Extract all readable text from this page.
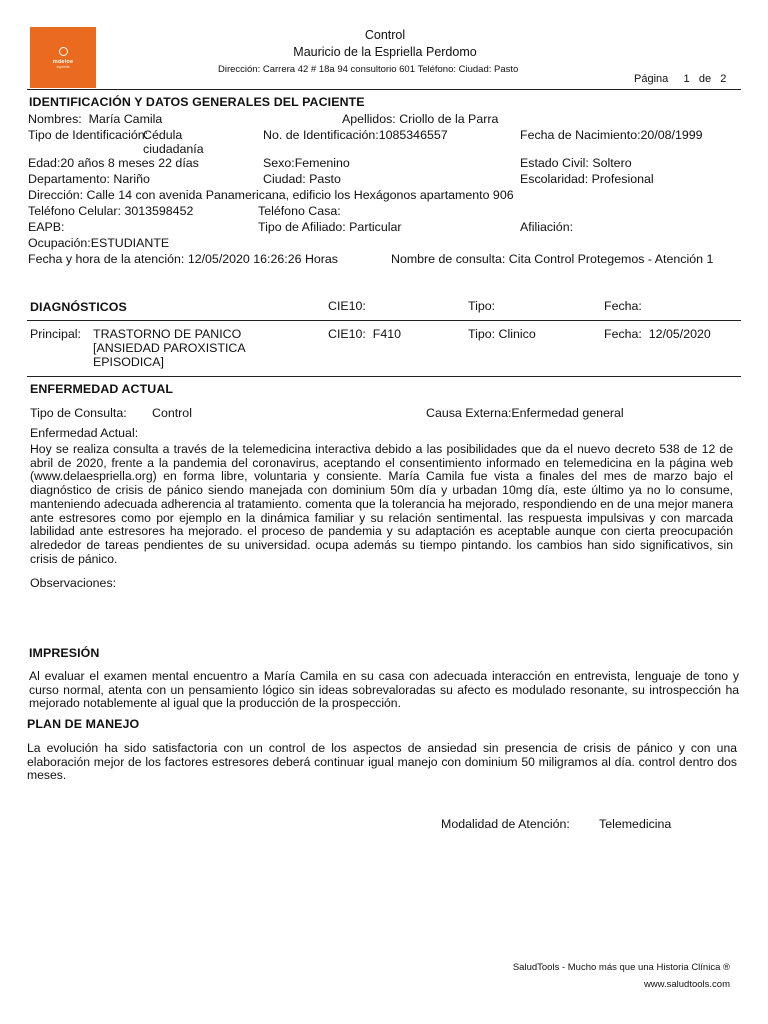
mdeloe
espriella
Control
Mauricio de la Espriella Perdomo
Dirección: Carrera 42 # 18a 94 consultorio 601 Teléfono: Ciudad: Pasto
Página 1 de 2
IDENTIFICACIÓN Y DATOS GENERALES DEL PACIENTE
Nombres: María Camila	Apellidos: Criollo de la Parra
Tipo de Identificación:
Cédula ciudadanía
No. de Identificación:1085346557	Fecha de Nacimiento:20/08/1999
Edad:20 años 8 meses 22 días	Sexo:Femenino	Estado Civil: Soltero
Departamento: Nariño	Ciudad: Pasto	Escolaridad: Profesional
Dirección: Calle 14 con avenida Panamericana, edificio los Hexágonos apartamento 906
Teléfono Celular: 3013598452	Teléfono Casa:
EAPB:	Tipo de Afiliado: Particular	Afiliación:
Ocupación:ESTUDIANTE
Fecha y hora de la atención: 12/05/2020 16:26:26 Horas	Nombre de consulta: Cita Control Protegemos - Atención 1
DIAGNÓSTICOS	CIE10:	Tipo:	Fecha:
Principal: TRASTORNO DE PANICO [ANSIEDAD PAROXISTICA EPISODICA]
CIE10: F410	Tipo: Clinico	Fecha: 12/05/2020
ENFERMEDAD ACTUAL
Tipo de Consulta: Control	Causa Externa:Enfermedad general
Enfermedad Actual:
Hoy se realiza consulta a través de la telemedicina interactiva debido a las posibilidades que da el nuevo decreto 538 de 12 de abril de 2020, frente a la pandemia del coronavirus, aceptando el consentimiento informado en telemedicina en la página web (www.delaespriella.org) en forma libre, voluntaria y consiente. María Camila fue vista a finales del mes de marzo bajo el diagnóstico de crisis de pánico siendo manejada con dominium 50m día y urbadan 10mg día, este último ya no lo consume, manteniendo adecuada adherencia al tratamiento. comenta que la tolerancia ha mejorado, respondiendo en de una mejor manera ante estresores como por ejemplo en la dinámica familiar y su relación sentimental. las respuesta impulsivas y con marcada labilidad ante estresores ha mejorado. el proceso de pandemia y su adaptación es aceptable aunque con cierta preocupación alrededor de tareas pendientes de su universidad. ocupa además su tiempo pintando. los cambios han sido significativos, sin crisis de pánico.
Observaciones:
IMPRESIÓN
Al evaluar el examen mental encuentro a María Camila en su casa con adecuada interacción en entrevista, lenguaje de tono y curso normal, atenta con un pensamiento lógico sin ideas sobrevaloradas su afecto es modulado resonante, su introspección ha mejorado notablemente al igual que la producción de la prospección.
PLAN DE MANEJO
La evolución ha sido satisfactoria con un control de los aspectos de ansiedad sin presencia de crisis de pánico y con una elaboración mejor de los factores estresores deberá continuar igual manejo con dominium 50 miligramos al día. control dentro dos meses.
Modalidad de Atención: Telemedicina
SaludTools - Mucho más que una Historia Clínica ®
www.saludtools.com
